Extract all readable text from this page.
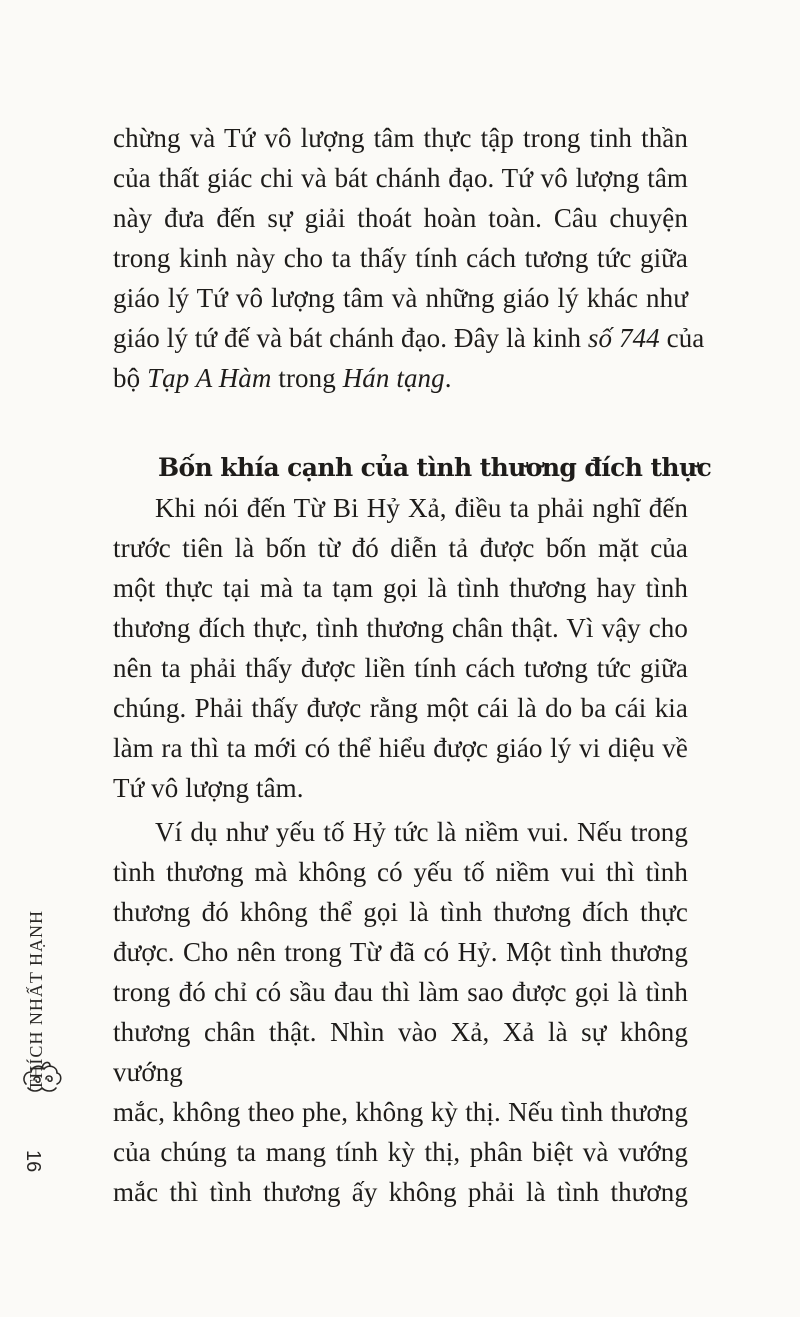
chừng và Tứ vô lượng tâm thực tập trong tinh thần
của thất giác chi và bát chánh đạo. Tứ vô lượng tâm
này đưa đến sự giải thoát hoàn toàn. Câu chuyện
trong kinh này cho ta thấy tính cách tương tức giữa
giáo lý Tứ vô lượng tâm và những giáo lý khác như
giáo lý tứ đế và bát chánh đạo. Đây là kinh số 744 của
bộ Tạp A Hàm trong Hán tạng.
Bốn khía cạnh của tình thương đích thực
Khi nói đến Từ Bi Hỷ Xả, điều ta phải nghĩ đến
trước tiên là bốn từ đó diễn tả được bốn mặt của
một thực tại mà ta tạm gọi là tình thương hay tình
thương đích thực, tình thương chân thật. Vì vậy cho
nên ta phải thấy được liền tính cách tương tức giữa
chúng. Phải thấy được rằng một cái là do ba cái kia
làm ra thì ta mới có thể hiểu được giáo lý vi diệu về
Tứ vô lượng tâm.
Ví dụ như yếu tố Hỷ tức là niềm vui. Nếu trong
tình thương mà không có yếu tố niềm vui thì tình
thương đó không thể gọi là tình thương đích thực
được. Cho nên trong Từ đã có Hỷ. Một tình thương
trong đó chỉ có sầu đau thì làm sao được gọi là tình
thương chân thật. Nhìn vào Xả, Xả là sự không vướng
mắc, không theo phe, không kỳ thị. Nếu tình thương
của chúng ta mang tính kỳ thị, phân biệt và vướng
mắc thì tình thương ấy không phải là tình thương
THÍCH NHẤT HẠNH
16
